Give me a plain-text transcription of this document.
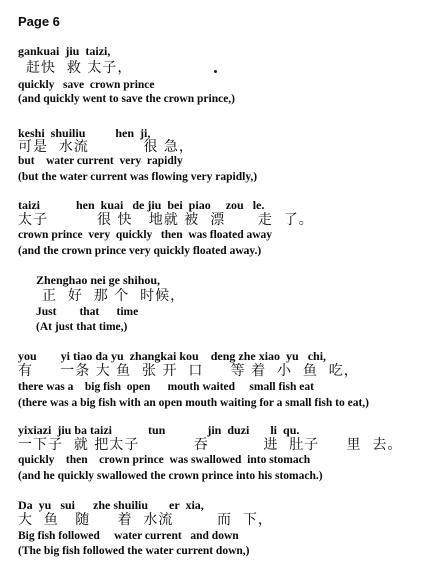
Page 6
gankuai  jiu  taizi,
赶快  救 太子，
quickly   save  crown prince
(and quickly went to save the crown prince,)
keshi  shuiliu          hen  ji,
可是  水流          很 急，
but    water current  very  rapidly
(but the water current was flowing very rapidly,)
taizi            hen  kuai   de jiu  bei  piao     zou   le.
太子         很 快   地就 被  漂      走  了。
crown prince  very  quickly   then  was floated away
(and the crown prince very quickly floated away.)
Zhenghao nei ge shihou,
正  好  那 个  时候，
Just        that      time
(At just that time,)
you        yi tiao da yu  zhangkai kou    deng zhe xiao  yu   chi,
有     一条 大 鱼  张 开  口     等 着  小  鱼  吃，
there was a    big fish  open      mouth waited     small fish eat
(there was a big fish with an open mouth waiting for a small fish to eat,)
yixiazi  jiu ba taizi            tun              jin  duzi       li  qu.
一下子  就 把太子          吞          进  肚子     里  去。
quickly    then    crown prince  was swallowed  into stomach
(and he quickly swallowed the crown prince into his stomach.)
Da  yu   sui      zhe shuiliu       er  xia,
大  鱼   随     着  水流        而  下，
Big fish followed     water current   and down
(The big fish followed the water current down,)
